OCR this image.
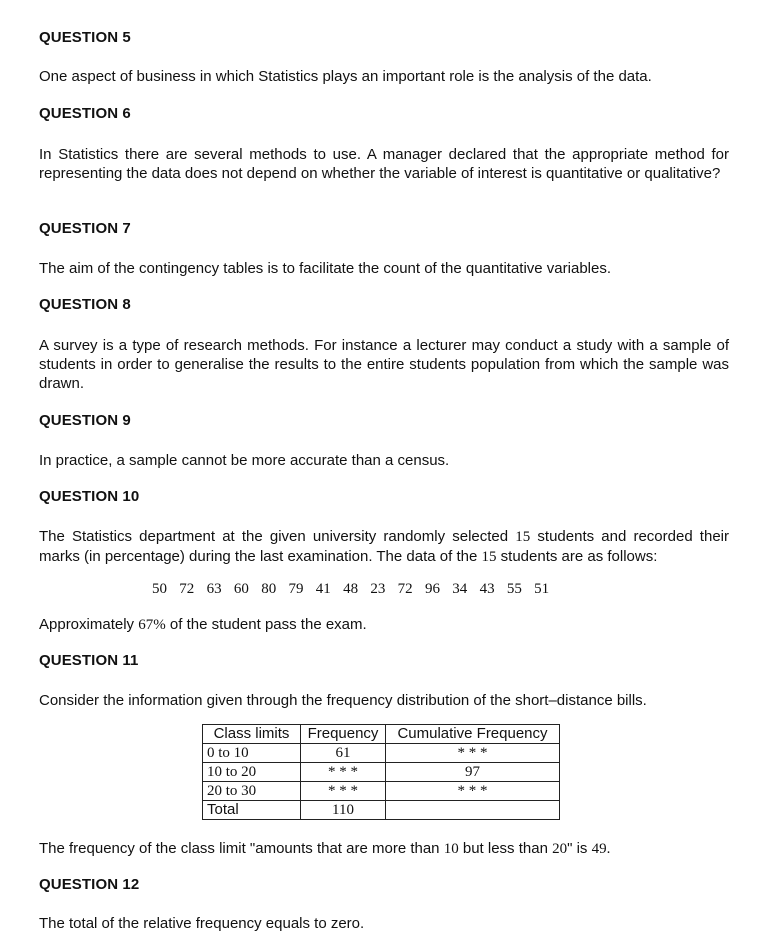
QUESTION 5
One aspect of business in which Statistics plays an important role is the analysis of the data.
QUESTION 6
In Statistics there are several methods to use. A manager declared that the appropriate method for representing the data does not depend on whether the variable of interest is quantitative or qualitative?
QUESTION 7
The aim of the contingency tables is to facilitate the count of the quantitative variables.
QUESTION 8
A survey is a type of research methods. For instance a lecturer may conduct a study with a sample of students in order to generalise the results to the entire students population from which the sample was drawn.
QUESTION 9
In practice, a sample cannot be more accurate than a census.
QUESTION 10
The Statistics department at the given university randomly selected 15 students and recorded their marks (in percentage) during the last examination. The data of the 15 students are as follows:
50 72 63 60 80 79 41 48 23 72 96 34 43 55 51
Approximately 67% of the student pass the exam.
QUESTION 11
Consider the information given through the frequency distribution of the short–distance bills.
Class limits	Frequency	Cumulative Frequency
0 to 10	61	* * *
10 to 20	* * *	97
20 to 30	* * *	* * *
Total	110	
The frequency of the class limit "amounts that are more than 10 but less than 20" is 49.
QUESTION 12
The total of the relative frequency equals to zero.
